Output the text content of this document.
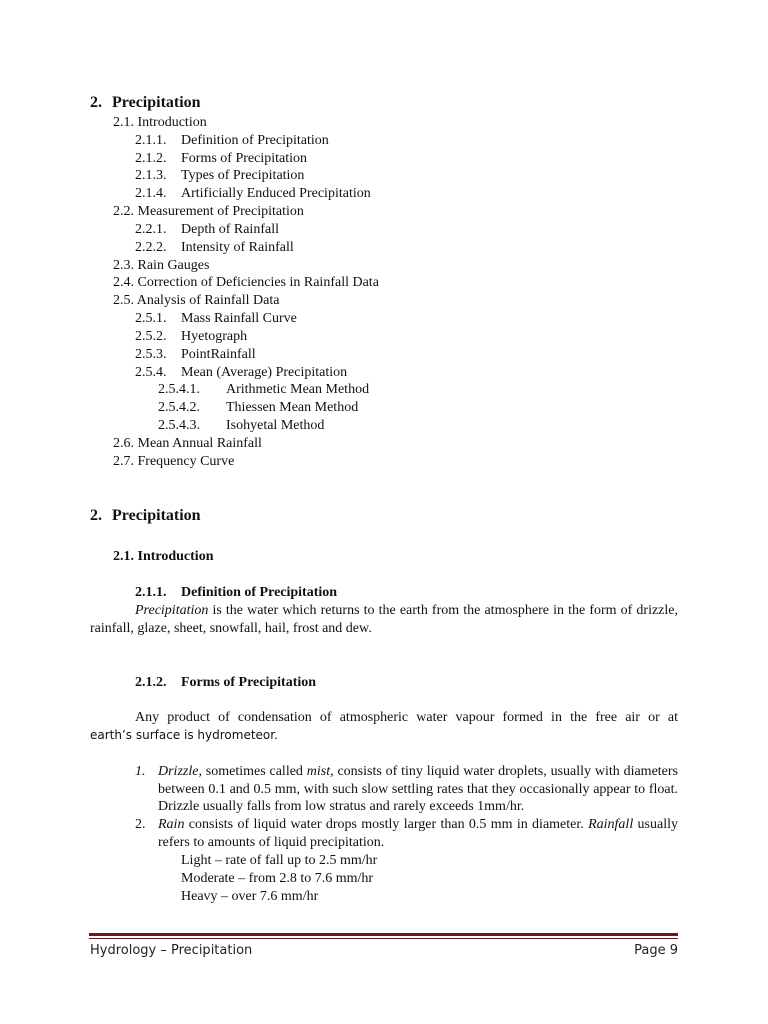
2. Precipitation
2.1. Introduction
2.1.1. Definition of Precipitation
2.1.2. Forms of Precipitation
2.1.3. Types of Precipitation
2.1.4. Artificially Enduced Precipitation
2.2. Measurement of Precipitation
2.2.1. Depth of Rainfall
2.2.2. Intensity of Rainfall
2.3. Rain Gauges
2.4. Correction of Deficiencies in Rainfall Data
2.5. Analysis of Rainfall Data
2.5.1. Mass Rainfall Curve
2.5.2. Hyetograph
2.5.3. PointRainfall
2.5.4. Mean (Average) Precipitation
2.5.4.1. Arithmetic Mean Method
2.5.4.2. Thiessen Mean Method
2.5.4.3. Isohyetal Method
2.6. Mean Annual Rainfall
2.7. Frequency Curve
2. Precipitation
2.1. Introduction
2.1.1. Definition of Precipitation
Precipitation is the water which returns to the earth from the atmosphere in the form of drizzle, rainfall, glaze, sheet, snowfall, hail, frost and dew.
2.1.2. Forms of Precipitation
Any product of condensation of atmospheric water vapour formed in the free air or at
earth’s surface is hydrometeor.
1. Drizzle, sometimes called mist, consists of tiny liquid water droplets, usually with diameters between 0.1 and 0.5 mm, with such slow settling rates that they occasionally appear to float. Drizzle usually falls from low stratus and rarely exceeds 1mm/hr.
2. Rain consists of liquid water drops mostly larger than 0.5 mm in diameter. Rainfall usually refers to amounts of liquid precipitation.
Light – rate of fall up to 2.5 mm/hr
Moderate – from 2.8 to 7.6 mm/hr
Heavy – over 7.6 mm/hr
Hydrology – Precipitation	Page 9
